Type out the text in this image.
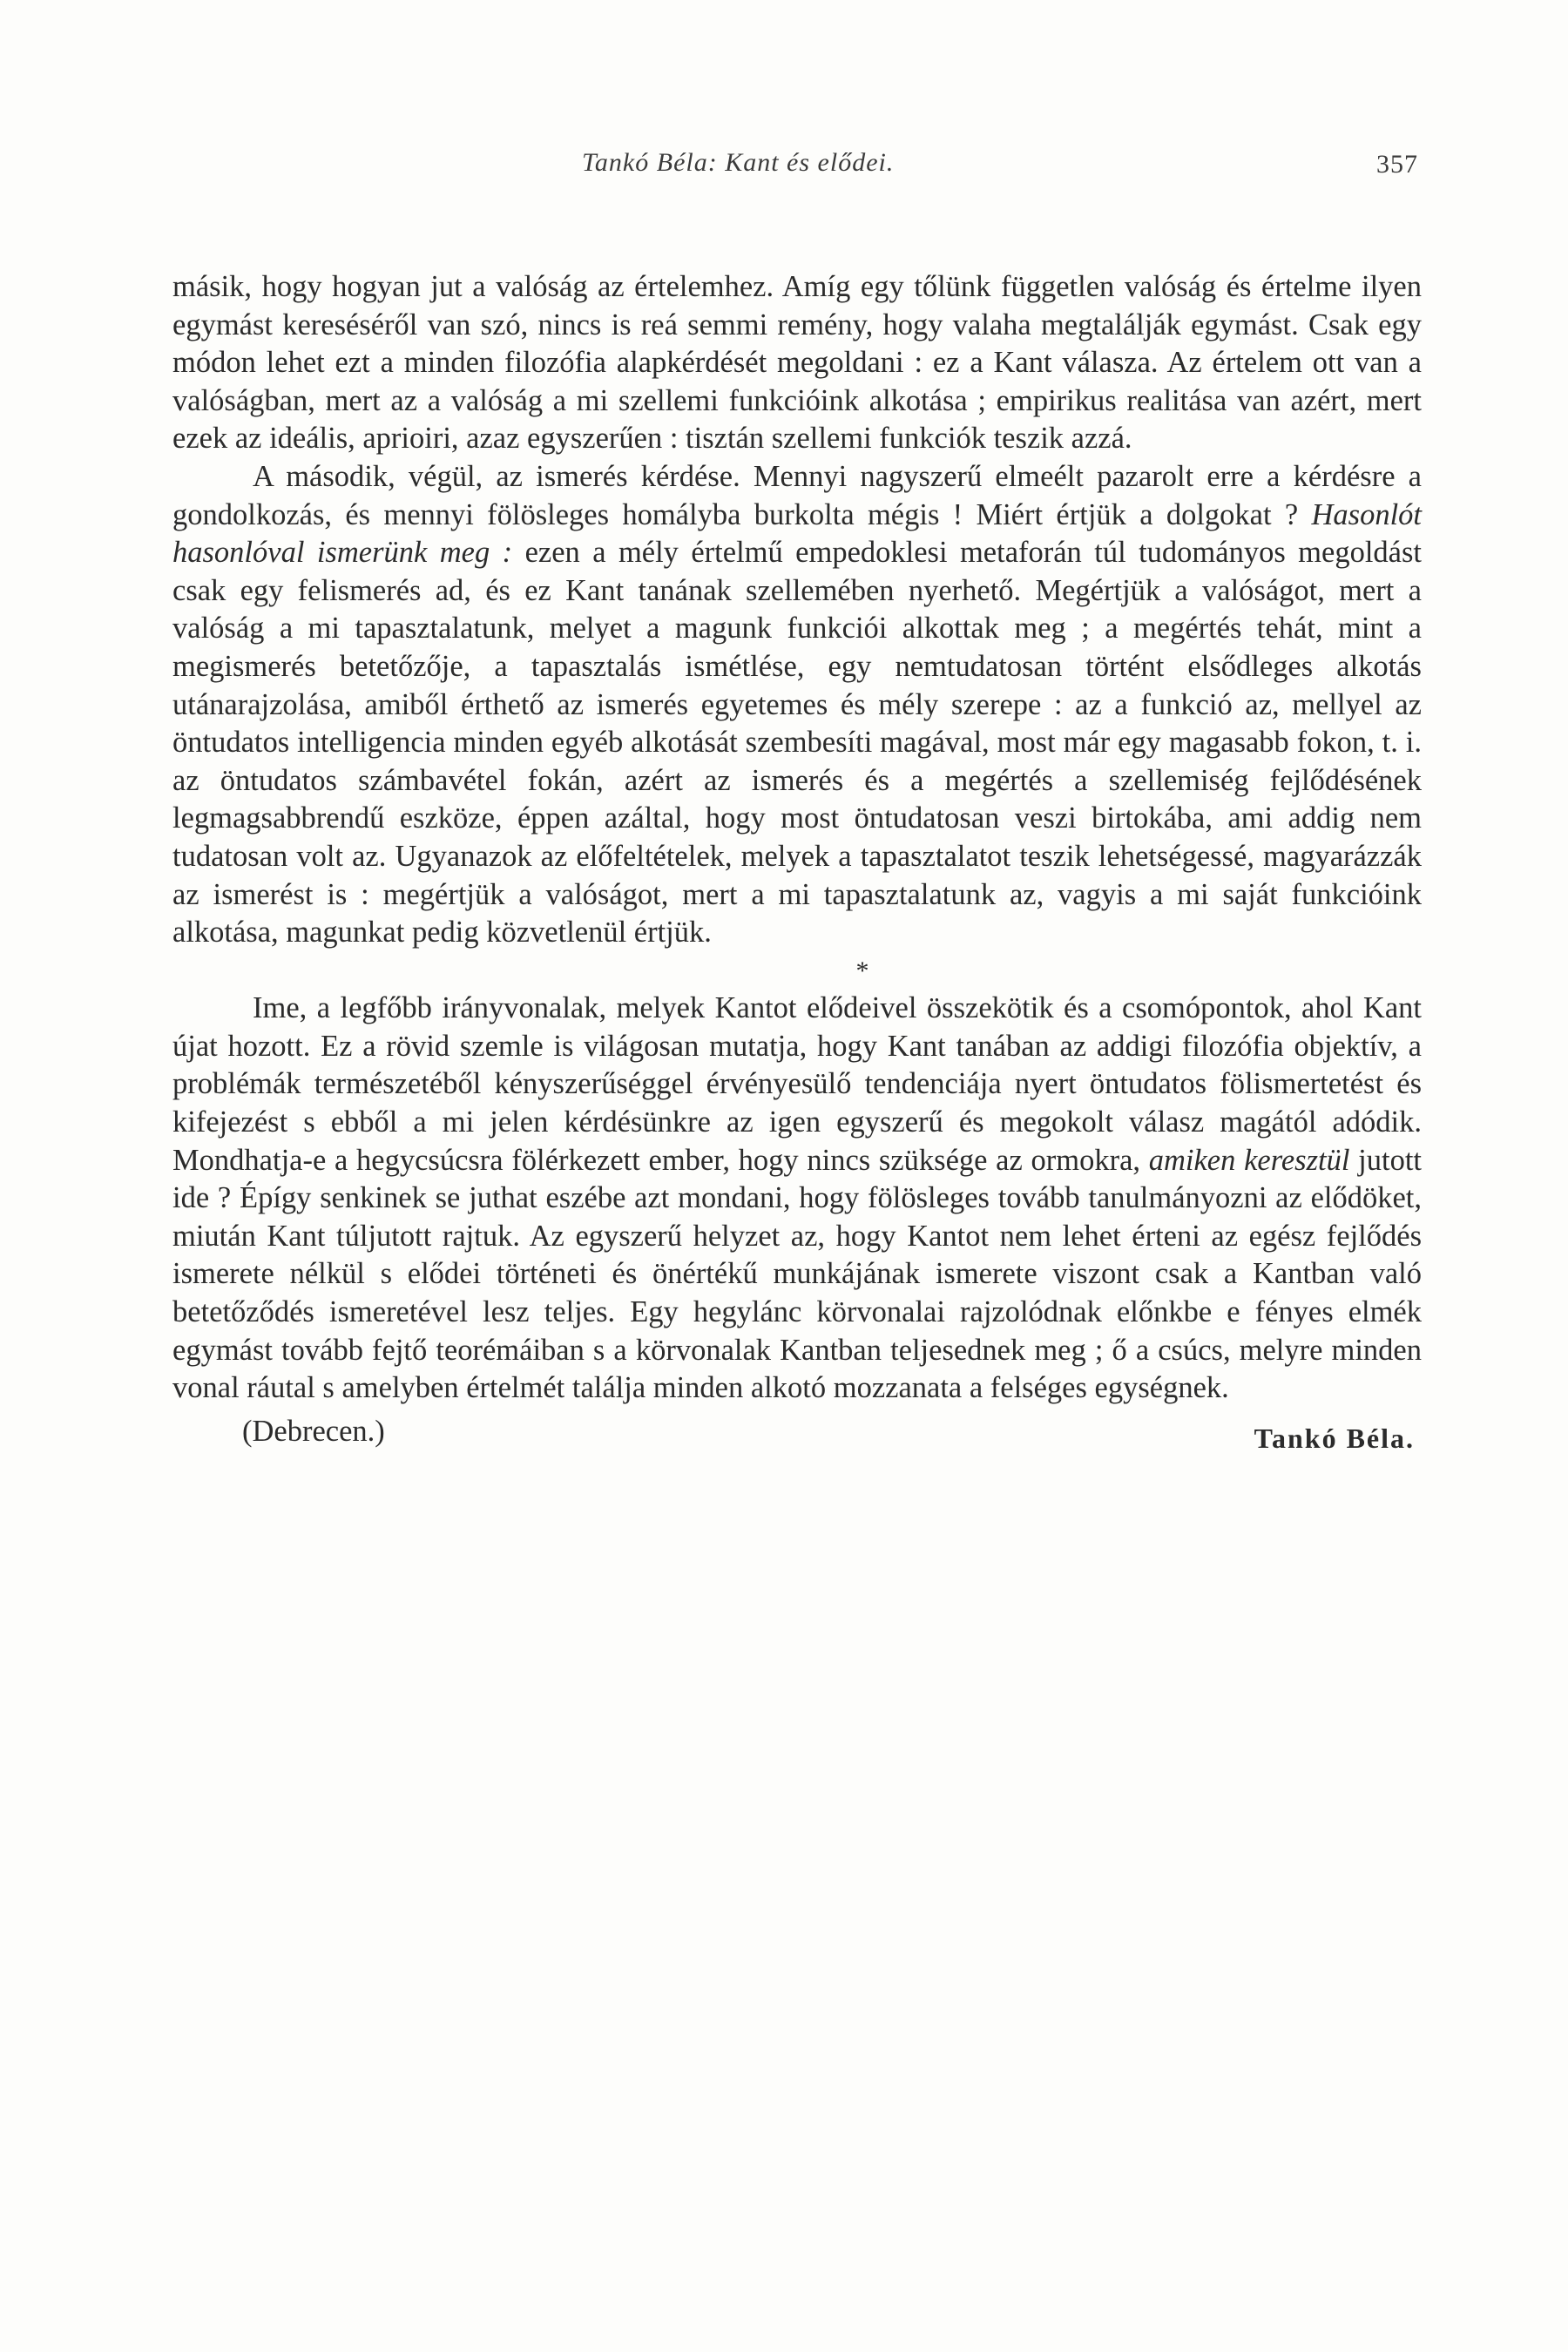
Tankó Béla: Kant és elődei.	357

másik, hogy hogyan jut a valóság az értelemhez. Amíg egy tőlünk független valóság és értelme ilyen egymást kereséséről van szó, nincs is reá semmi remény, hogy valaha megtalálják egymást. Csak egy módon lehet ezt a minden filozófia alapkérdését megoldani : ez a Kant válasza. Az értelem ott van a valóságban, mert az a valóság a mi szellemi funkcióink alkotása ; empirikus realitása van azért, mert ezek az ideális, aprioiri, azaz egyszerűen : tisztán szellemi funkciók teszik azzá.

A második, végül, az ismerés kérdése. Mennyi nagyszerű elmeélt pazarolt erre a kérdésre a gondolkozás, és mennyi fölösleges homályba burkolta mégis ! Miért értjük a dolgokat ? Hasonlót hasonlóval ismerünk meg : ezen a mély értelmű empedoklesi metaforán túl tudományos megoldást csak egy felismerés ad, és ez Kant tanának szellemében nyerhető. Megértjük a valóságot, mert a valóság a mi tapasztalatunk, melyet a magunk funkciói alkottak meg ; a megértés tehát, mint a megismerés betetőzője, a tapasztalás ismétlése, egy nemtudatosan történt elsődleges alkotás utánarajzolása, amiből érthető az ismerés egyetemes és mély szerepe : az a funkció az, mellyel az öntudatos intelligencia minden egyéb alkotását szembesíti magával, most már egy magasabb fokon, t. i. az öntudatos számbavétel fokán, azért az ismerés és a megértés a szellemiség fejlődésének legmagsabbrendű eszköze, éppen azáltal, hogy most öntudatosan veszi birtokába, ami addig nem tudatosan volt az. Ugyanazok az előfeltételek, melyek a tapasztalatot teszik lehetségessé, magyarázzák az ismerést is : megértjük a valóságot, mert a mi tapasztalatunk az, vagyis a mi saját funkcióink alkotása, magunkat pedig közvetlenül értjük.

*

Ime, a legfőbb irányvonalak, melyek Kantot elődeivel összekötik és a csomópontok, ahol Kant újat hozott. Ez a rövid szemle is világosan mutatja, hogy Kant tanában az addigi filozófia objektív, a problémák természetéből kényszerűséggel érvényesülő tendenciája nyert öntudatos fölismertetést és kifejezést s ebből a mi jelen kérdésünkre az igen egyszerű és megokolt válasz magától adódik. Mondhatja-e a hegycsúcsra fölérkezett ember, hogy nincs szüksége az ormokra, amiken keresztül jutott ide ? Épígy senkinek se juthat eszébe azt mondani, hogy fölösleges tovább tanulmányozni az elődöket, miután Kant túljutott rajtuk. Az egyszerű helyzet az, hogy Kantot nem lehet érteni az egész fejlődés ismerete nélkül s elődei történeti és önértékű munkájának ismerete viszont csak a Kantban való betetőződés ismeretével lesz teljes. Egy hegylánc körvonalai rajzolódnak előnkbe e fényes elmék egymást tovább fejtő teorémáiban s a körvonalak Kantban teljesednek meg ; ő a csúcs, melyre minden vonal ráutal s amelyben értelmét találja minden alkotó mozzanata a felséges egységnek.

(Debrecen.)	Tankó Béla.
